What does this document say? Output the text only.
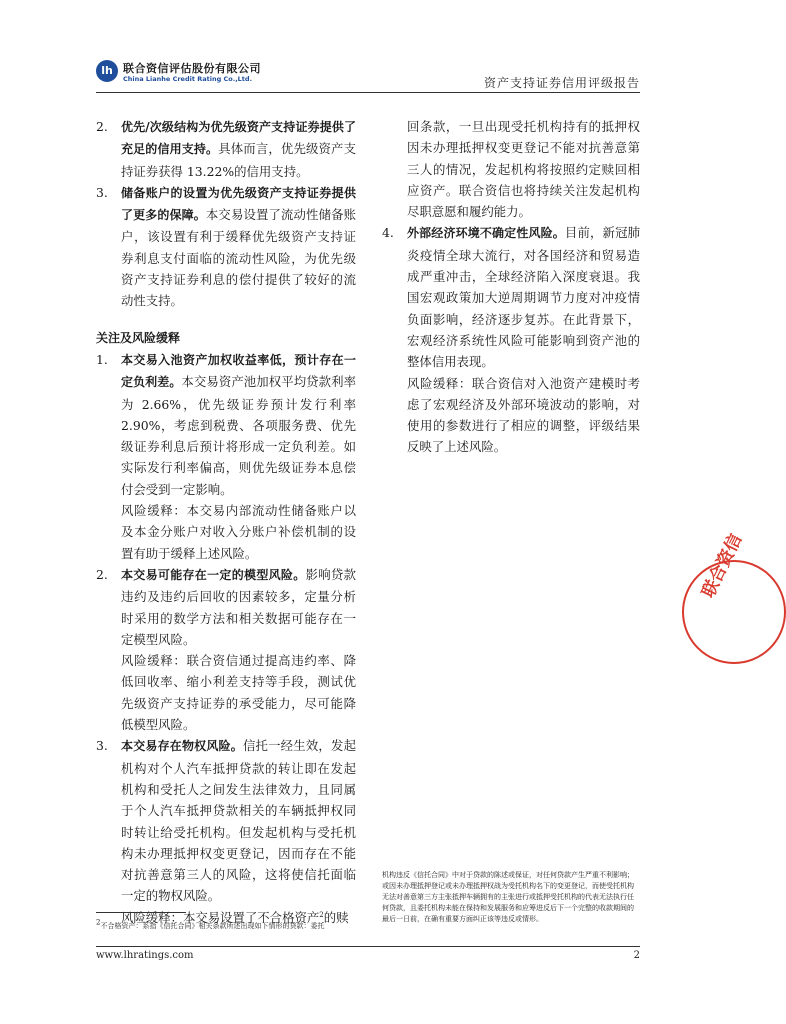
lh 联合资信评估股份有限公司
China Lianhe Credit Rating Co.,Ltd.	资产支持证券信用评级报告
2.	优先/次级结构为优先级资产支持证券提供了充足的信用支持。具体而言，优先级资产支持证券获得 13.22%的信用支持。

3.	储备账户的设置为优先级资产支持证券提供了更多的保障。本交易设置了流动性储备账户，该设置有利于缓释优先级资产支持证券利息支付面临的流动性风险，为优先级资产支持证券利息的偿付提供了较好的流动性支持。

关注及风险缓释
1.	本交易入池资产加权收益率低，预计存在一定负利差。本交易资产池加权平均贷款利率为 2.66%，优先级证券预计发行利率 2.90%，考虑到税费、各项服务费、优先级证券利息后预计将形成一定负利差。如实际发行利率偏高，则优先级证券本息偿付会受到一定影响。

风险缓释：本交易内部流动性储备账户以及本金分账户对收入分账户补偿机制的设置有助于缓释上述风险。

2.	本交易可能存在一定的模型风险。影响贷款违约及违约后回收的因素较多，定量分析时采用的数学方法和相关数据可能存在一定模型风险。

风险缓释：联合资信通过提高违约率、降低回收率、缩小利差支持等手段，测试优先级资产支持证券的承受能力，尽可能降低模型风险。

3.	本交易存在物权风险。信托一经生效，发起机构对个人汽车抵押贷款的转让即在发起机构和受托人之间发生法律效力，且同属于个人汽车抵押贷款相关的车辆抵押权同时转让给受托机构。但发起机构与受托机构未办理抵押权变更登记，因而存在不能对抗善意第三人的风险，这将使信托面临一定的物权风险。

风险缓释：本交易设置了不合格资产$^2$的赎

回条款，一旦出现受托机构持有的抵押权因未办理抵押权变更登记不能对抗善意第三人的情况，发起机构将按照约定赎回相应资产。联合资信也将持续关注发起机构尽职意愿和履约能力。

4.	外部经济环境不确定性风险。目前，新冠肺炎疫情全球大流行，对各国经济和贸易造成严重冲击，全球经济陷入深度衰退。我国宏观政策加大逆周期调节力度对冲疫情负面影响，经济逐步复苏。在此背景下，宏观经济系统性风险可能影响到资产池的整体信用表现。

风险缓释：联合资信对入池资产建模时考虑了宏观经济及外部环境波动的影响，对使用的参数进行了相应的调整，评级结果反映了上述风险。

机构违反《信托合同》中对于贷款的陈述或保证，对任何贷款产生严重不利影响；或因未办理抵押登记或未办理抵押权战为受托机构名下的变更登记，而使受托机构无法对善意第三方主张抵押车辆拥有的主张进行或抵押受托机构的代表无法执行任何贷款，且委托机构未能在保持和发展服务和应筹进反后下一个完整的收款期间的最后一日前，在确有重要方面纠正该等违反或情形。
$^2$不合格资产：系指《信托合同》相关条款所述出现如下情形的贷款：委托
www.lhratings.com	2
联合资信
